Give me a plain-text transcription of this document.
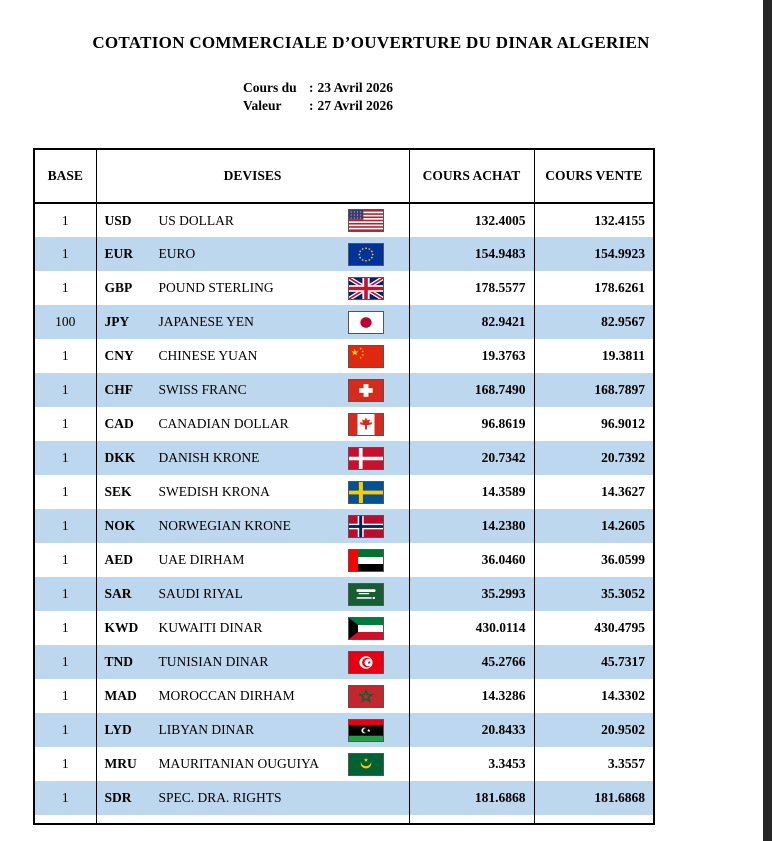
COTATION COMMERCIALE D’OUVERTURE DU DINAR ALGERIEN
Cours du : 23 Avril 2026
Valeur : 27 Avril 2026
BASE	DEVISES	COURS ACHAT	COURS VENTE
1	USD US DOLLAR	132.4005	132.4155
1	EUR EURO	154.9483	154.9923
1	GBP POUND STERLING	178.5577	178.6261
100	JPY JAPANESE YEN	82.9421	82.9567
1	CNY CHINESE YUAN	19.3763	19.3811
1	CHF SWISS FRANC	168.7490	168.7897
1	CAD CANADIAN DOLLAR	96.8619	96.9012
1	DKK DANISH KRONE	20.7342	20.7392
1	SEK SWEDISH KRONA	14.3589	14.3627
1	NOK NORWEGIAN KRONE	14.2380	14.2605
1	AED UAE DIRHAM	36.0460	36.0599
1	SAR SAUDI RIYAL	35.2993	35.3052
1	KWD KUWAITI DINAR	430.0114	430.4795
1	TND TUNISIAN DINAR	45.2766	45.7317
1	MAD MOROCCAN DIRHAM	14.3286	14.3302
1	LYD LIBYAN DINAR	20.8433	20.9502
1	MRU MAURITANIAN OUGUIYA	3.3453	3.3557
1	SDR SPEC. DRA. RIGHTS	181.6868	181.6868
